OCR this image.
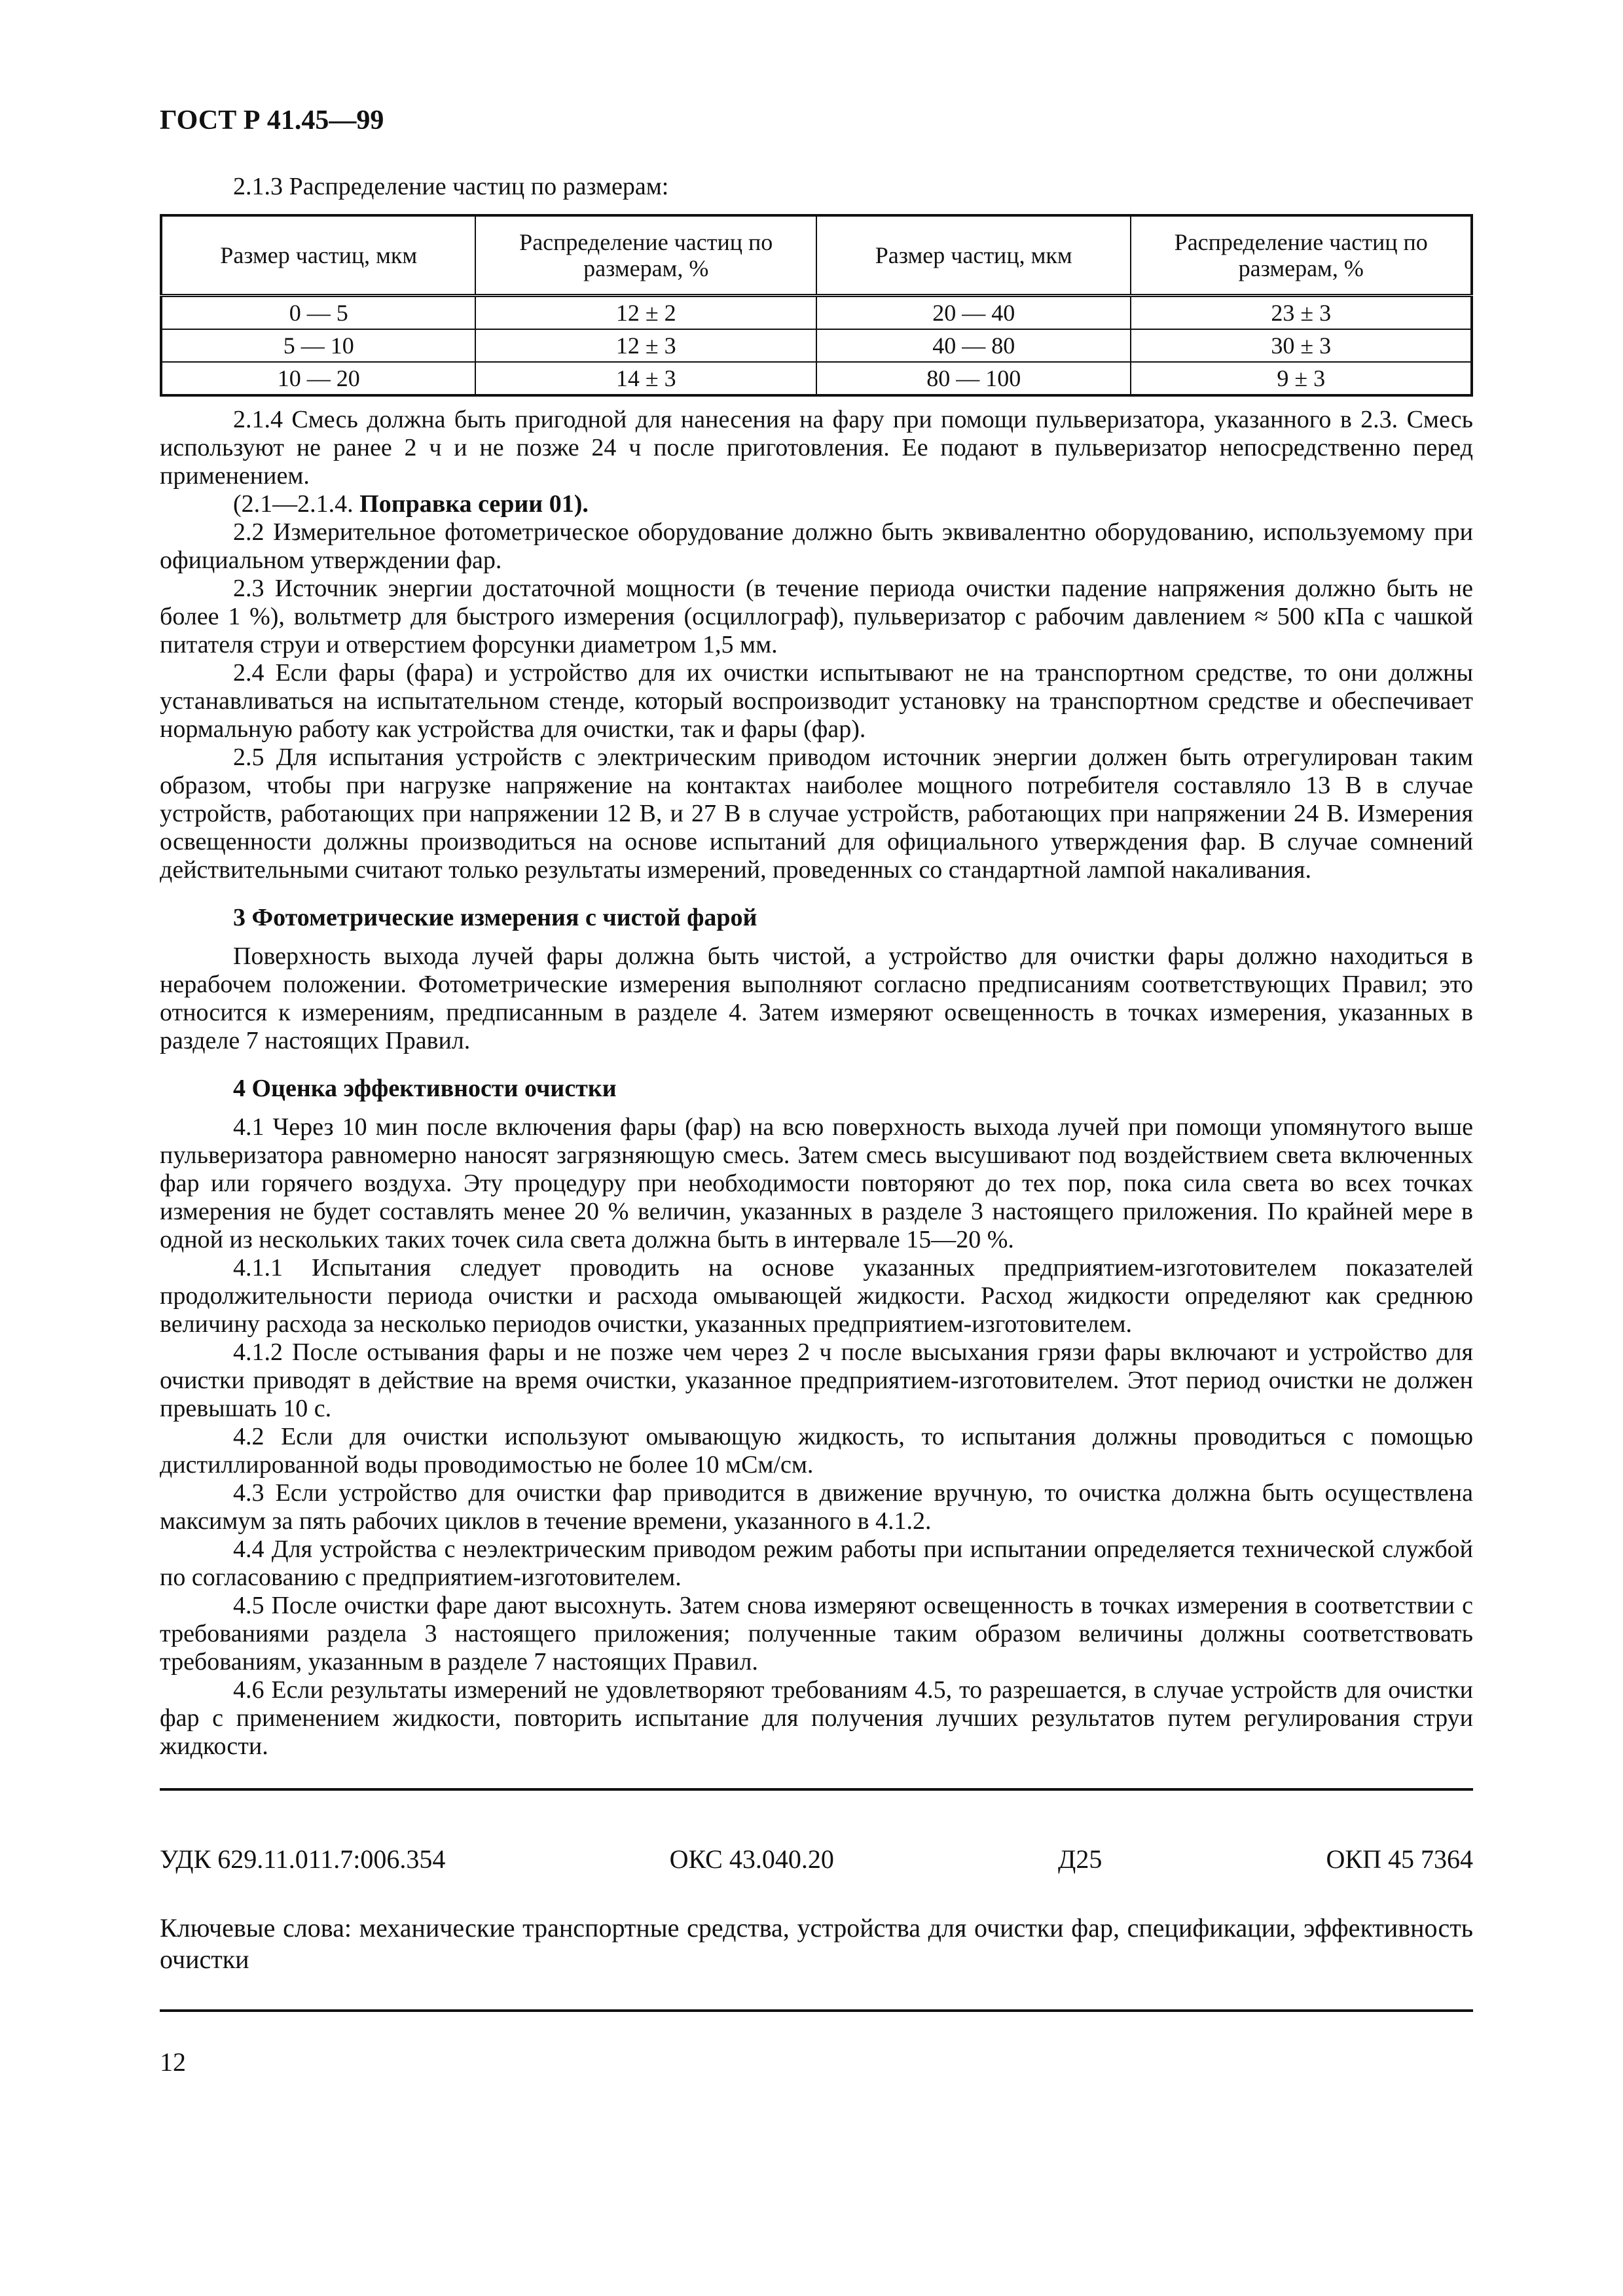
ГОСТ Р 41.45—99

2.1.3 Распределение частиц по размерам:

Размер частиц, мкм	Распределение частиц по размерам, %	Размер частиц, мкм	Распределение частиц по размерам, %
0 — 5	12 ± 2	20 — 40	23 ± 3
5 — 10	12 ± 3	40 — 80	30 ± 3
10 — 20	14 ± 3	80 — 100	9 ± 3

2.1.4 Смесь должна быть пригодной для нанесения на фару при помощи пульверизатора, указанного в 2.3. Смесь используют не ранее 2 ч и не позже 24 ч после приготовления. Ее подают в пульверизатор непосредственно перед применением.

(2.1—2.1.4. Поправка серии 01).

2.2 Измерительное фотометрическое оборудование должно быть эквивалентно оборудованию, используемому при официальном утверждении фар.

2.3 Источник энергии достаточной мощности (в течение периода очистки падение напряжения должно быть не более 1 %), вольтметр для быстрого измерения (осциллограф), пульверизатор с рабочим давлением ≈ 500 кПа с чашкой питателя струи и отверстием форсунки диаметром 1,5 мм.

2.4 Если фары (фара) и устройство для их очистки испытывают не на транспортном средстве, то они должны устанавливаться на испытательном стенде, который воспроизводит установку на транспортном средстве и обеспечивает нормальную работу как устройства для очистки, так и фары (фар).

2.5 Для испытания устройств с электрическим приводом источник энергии должен быть отрегулирован таким образом, чтобы при нагрузке напряжение на контактах наиболее мощного потребителя составляло 13 В в случае устройств, работающих при напряжении 12 В, и 27 В в случае устройств, работающих при напряжении 24 В. Измерения освещенности должны производиться на основе испытаний для официального утверждения фар. В случае сомнений действительными считают только результаты измерений, проведенных со стандартной лампой накаливания.

3 Фотометрические измерения с чистой фарой

Поверхность выхода лучей фары должна быть чистой, а устройство для очистки фары должно находиться в нерабочем положении. Фотометрические измерения выполняют согласно предписаниям соответствующих Правил; это относится к измерениям, предписанным в разделе 4. Затем измеряют освещенность в точках измерения, указанных в разделе 7 настоящих Правил.

4 Оценка эффективности очистки

4.1 Через 10 мин после включения фары (фар) на всю поверхность выхода лучей при помощи упомянутого выше пульверизатора равномерно наносят загрязняющую смесь. Затем смесь высушивают под воздействием света включенных фар или горячего воздуха. Эту процедуру при необходимости повторяют до тех пор, пока сила света во всех точках измерения не будет составлять менее 20 % величин, указанных в разделе 3 настоящего приложения. По крайней мере в одной из нескольких таких точек сила света должна быть в интервале 15—20 %.

4.1.1 Испытания следует проводить на основе указанных предприятием-изготовителем показателей продолжительности периода очистки и расхода омывающей жидкости. Расход жидкости определяют как среднюю величину расхода за несколько периодов очистки, указанных предприятием-изготовителем.

4.1.2 После остывания фары и не позже чем через 2 ч после высыхания грязи фары включают и устройство для очистки приводят в действие на время очистки, указанное предприятием-изготовителем. Этот период очистки не должен превышать 10 с.

4.2 Если для очистки используют омывающую жидкость, то испытания должны проводиться с помощью дистиллированной воды проводимостью не более 10 мСм/см.

4.3 Если устройство для очистки фар приводится в движение вручную, то очистка должна быть осуществлена максимум за пять рабочих циклов в течение времени, указанного в 4.1.2.

4.4 Для устройства с неэлектрическим приводом режим работы при испытании определяется технической службой по согласованию с предприятием-изготовителем.

4.5 После очистки фаре дают высохнуть. Затем снова измеряют освещенность в точках измерения в соответствии с требованиями раздела 3 настоящего приложения; полученные таким образом величины должны соответствовать требованиям, указанным в разделе 7 настоящих Правил.

4.6 Если результаты измерений не удовлетворяют требованиям 4.5, то разрешается, в случае устройств для очистки фар с применением жидкости, повторить испытание для получения лучших результатов путем регулирования струи жидкости.

УДК 629.11.011.7:006.354	ОКС 43.040.20	Д25	ОКП 45 7364
Ключевые слова: механические транспортные средства, устройства для очистки фар, спецификации, эффективность очистки
12
